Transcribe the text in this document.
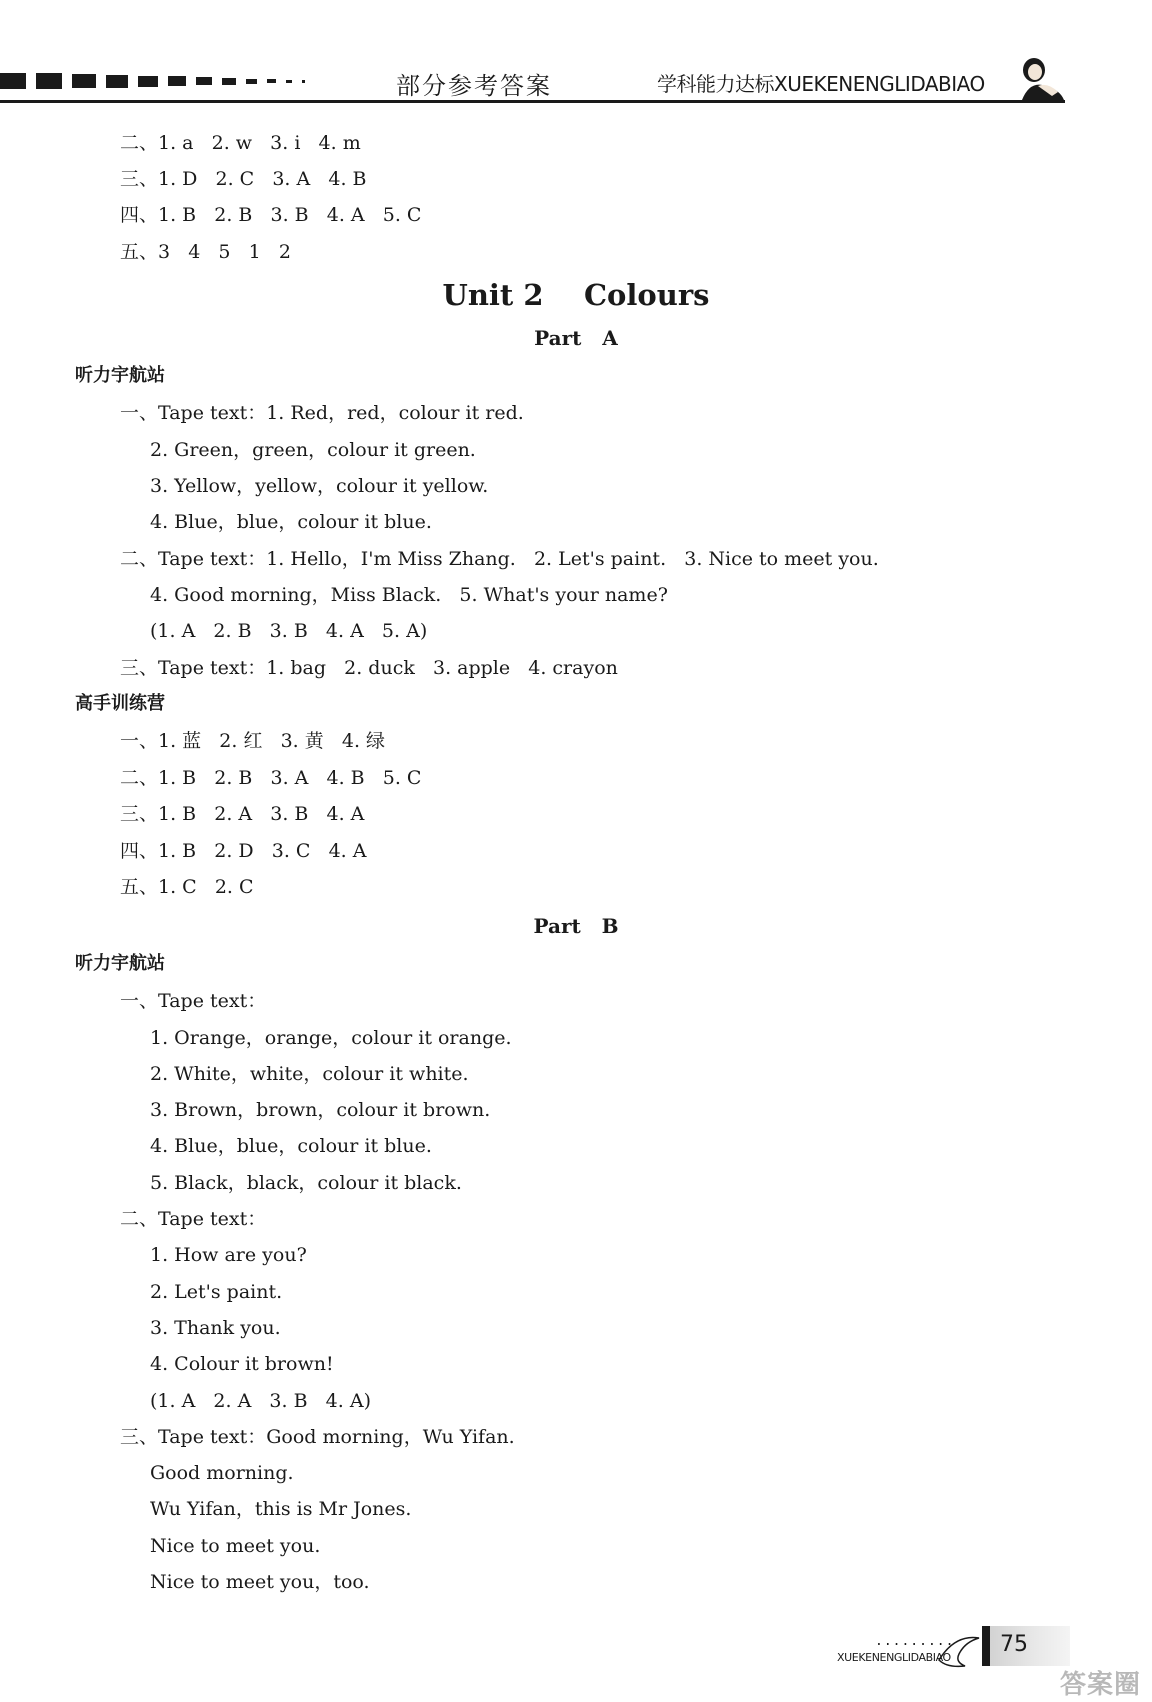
部分参考答案	学科能力达标XUEKENENGLIDABIAO
二、1. a   2. w   3. i   4. m
三、1. D   2. C   3. A   4. B
四、1. B   2. B   3. B   4. A   5. C
五、3   4   5   1   2
Unit 2    Colours
Part   A
听力宇航站
一、Tape text：1. Red，red，colour it red.
2. Green，green，colour it green.
3. Yellow，yellow，colour it yellow.
4. Blue，blue，colour it blue.
二、Tape text：1. Hello，I'm Miss Zhang.   2. Let's paint.   3. Nice to meet you.
4. Good morning，Miss Black.   5. What's your name?
(1. A   2. B   3. B   4. A   5. A)
三、Tape text：1. bag   2. duck   3. apple   4. crayon
高手训练营
一、1. 蓝   2. 红   3. 黄   4. 绿
二、1. B   2. B   3. A   4. B   5. C
三、1. B   2. A   3. B   4. A
四、1. B   2. D   3. C   4. A
五、1. C   2. C
Part   B
听力宇航站
一、Tape text：
1. Orange，orange，colour it orange.
2. White，white，colour it white.
3. Brown，brown，colour it brown.
4. Blue，blue，colour it blue.
5. Black，black，colour it black.
二、Tape text：
1. How are you?
2. Let's paint.
3. Thank you.
4. Colour it brown!
(1. A   2. A   3. B   4. A)
三、Tape text：Good morning，Wu Yifan.
Good morning.
Wu Yifan，this is Mr Jones.
Nice to meet you.
Nice to meet you，too.
.........
XUEKENENGLIDABIAO
75
答案圈
